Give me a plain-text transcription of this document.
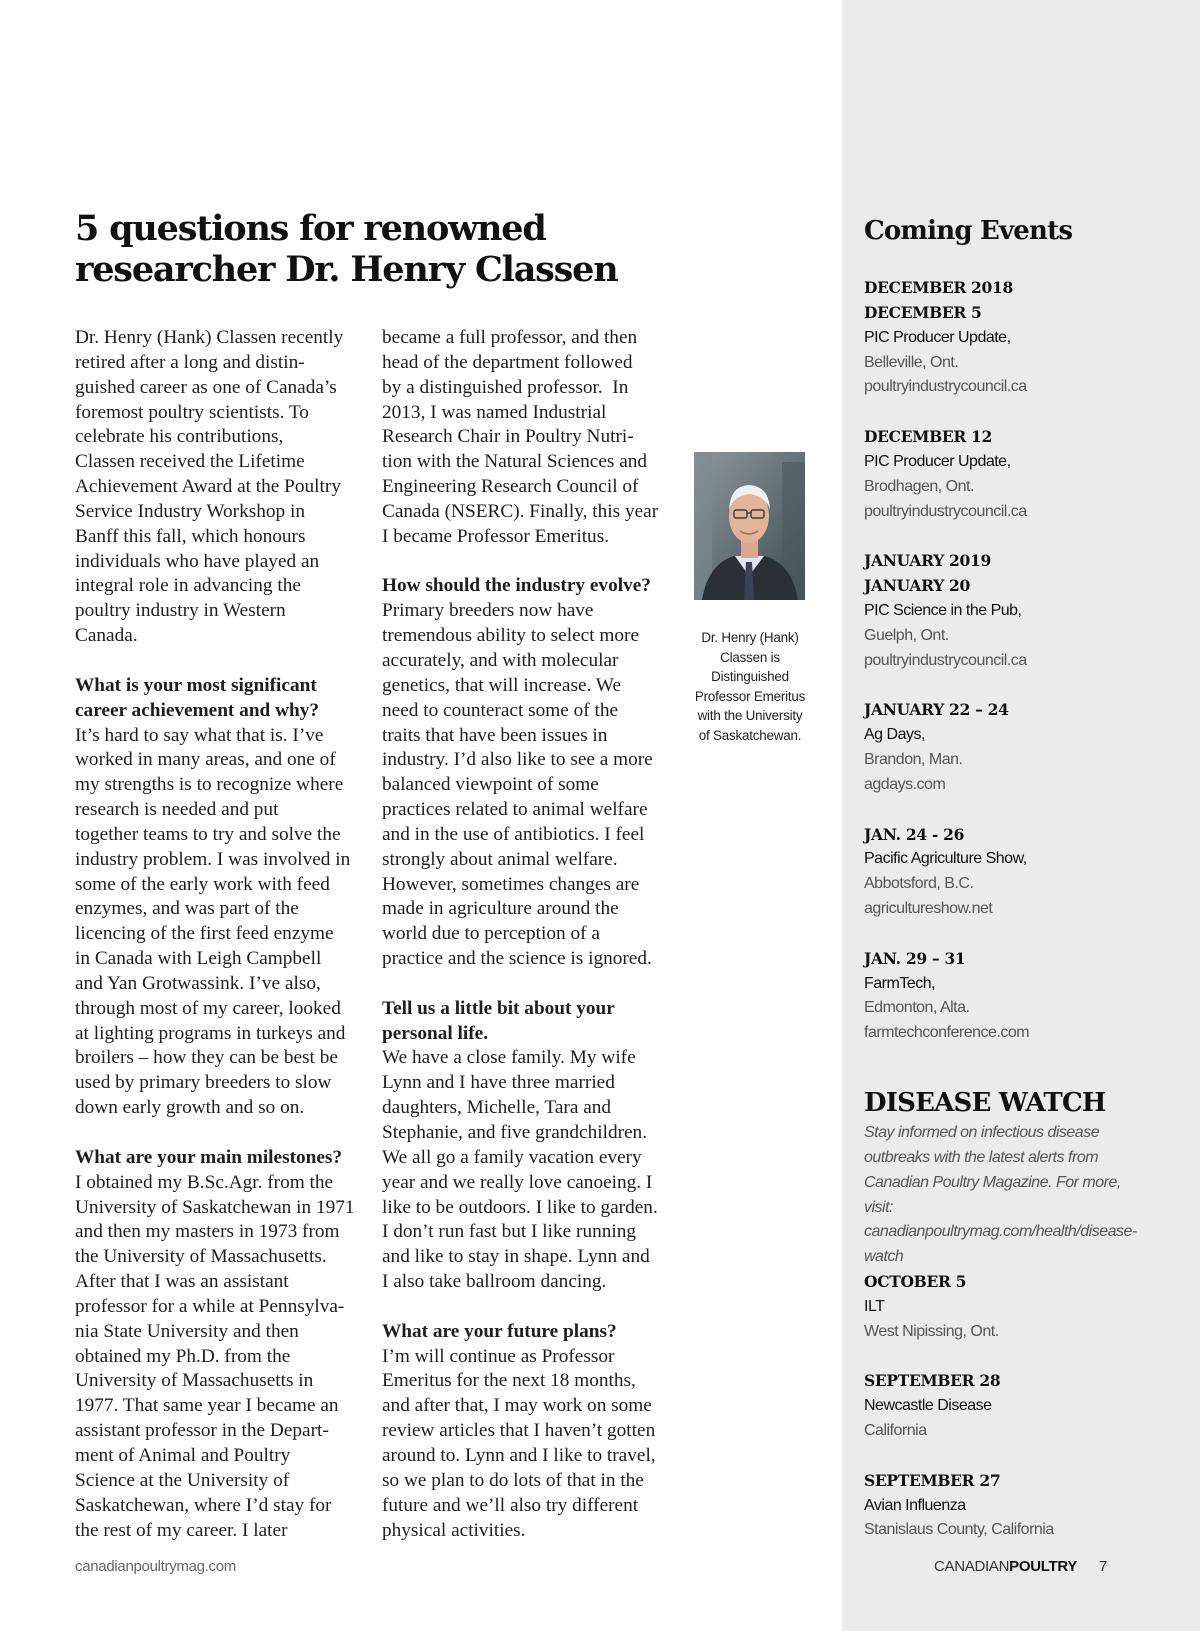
5 questions for renowned
researcher Dr. Henry Classen

Dr. Henry (Hank) Classen recently
retired after a long and distin-
guished career as one of Canada’s
foremost poultry scientists. To
celebrate his contributions,
Classen received the Lifetime
Achievement Award at the Poultry
Service Industry Workshop in
Banff this fall, which honours
individuals who have played an
integral role in advancing the
poultry industry in Western
Canada.

What is your most significant
career achievement and why?
It’s hard to say what that is. I’ve
worked in many areas, and one of
my strengths is to recognize where
research is needed and put
together teams to try and solve the
industry problem. I was involved in
some of the early work with feed
enzymes, and was part of the
licencing of the first feed enzyme
in Canada with Leigh Campbell
and Yan Grotwassink. I’ve also,
through most of my career, looked
at lighting programs in turkeys and
broilers – how they can be best be
used by primary breeders to slow
down early growth and so on.

What are your main milestones?
I obtained my B.Sc.Agr. from the
University of Saskatchewan in 1971
and then my masters in 1973 from
the University of Massachusetts.
After that I was an assistant
professor for a while at Pennsylva-
nia State University and then
obtained my Ph.D. from the
University of Massachusetts in
1977. That same year I became an
assistant professor in the Depart-
ment of Animal and Poultry
Science at the University of
Saskatchewan, where I’d stay for
the rest of my career. I later

became a full professor, and then
head of the department followed
by a distinguished professor.  In
2013, I was named Industrial
Research Chair in Poultry Nutri-
tion with the Natural Sciences and
Engineering Research Council of
Canada (NSERC). Finally, this year
I became Professor Emeritus.

How should the industry evolve?
Primary breeders now have
tremendous ability to select more
accurately, and with molecular
genetics, that will increase. We
need to counteract some of the
traits that have been issues in
industry. I’d also like to see a more
balanced viewpoint of some
practices related to animal welfare
and in the use of antibiotics. I feel
strongly about animal welfare.
However, sometimes changes are
made in agriculture around the
world due to perception of a
practice and the science is ignored.

Tell us a little bit about your
personal life.
We have a close family. My wife
Lynn and I have three married
daughters, Michelle, Tara and
Stephanie, and five grandchildren.
We all go a family vacation every
year and we really love canoeing. I
like to be outdoors. I like to garden.
I don’t run fast but I like running
and like to stay in shape. Lynn and
I also take ballroom dancing.

What are your future plans?
I’m will continue as Professor
Emeritus for the next 18 months,
and after that, I may work on some
review articles that I haven’t gotten
around to. Lynn and I like to travel,
so we plan to do lots of that in the
future and we’ll also try different
physical activities.

Dr. Henry (Hank)
Classen is
Distinguished
Professor Emeritus
with the University
of Saskatchewan.
Coming Events
DECEMBER 2018
DECEMBER 5
PIC Producer Update,
Belleville, Ont.
poultryindustrycouncil.ca
DECEMBER 12
PIC Producer Update,
Brodhagen, Ont.
poultryindustrycouncil.ca
JANUARY 2019
JANUARY 20
PIC Science in the Pub,
Guelph, Ont.
poultryindustrycouncil.ca
JANUARY 22 – 24
Ag Days,
Brandon, Man.
agdays.com
JAN. 24 - 26
Pacific Agriculture Show,
Abbotsford, B.C.
agricultureshow.net
JAN. 29 – 31
FarmTech,
Edmonton, Alta.
farmtechconference.com
DISEASE WATCH

Stay informed on infectious disease outbreaks with the latest alerts from Canadian Poultry Magazine. For more, visit: canadianpoultrymag.com/health/disease-watch

OCTOBER 5
ILT
West Nipissing, Ont.
SEPTEMBER 28
Newcastle Disease
California
SEPTEMBER 27
Avian Influenza
Stanislaus County, California
canadianpoultrymag.com	CANADIANPOULTRY 7
